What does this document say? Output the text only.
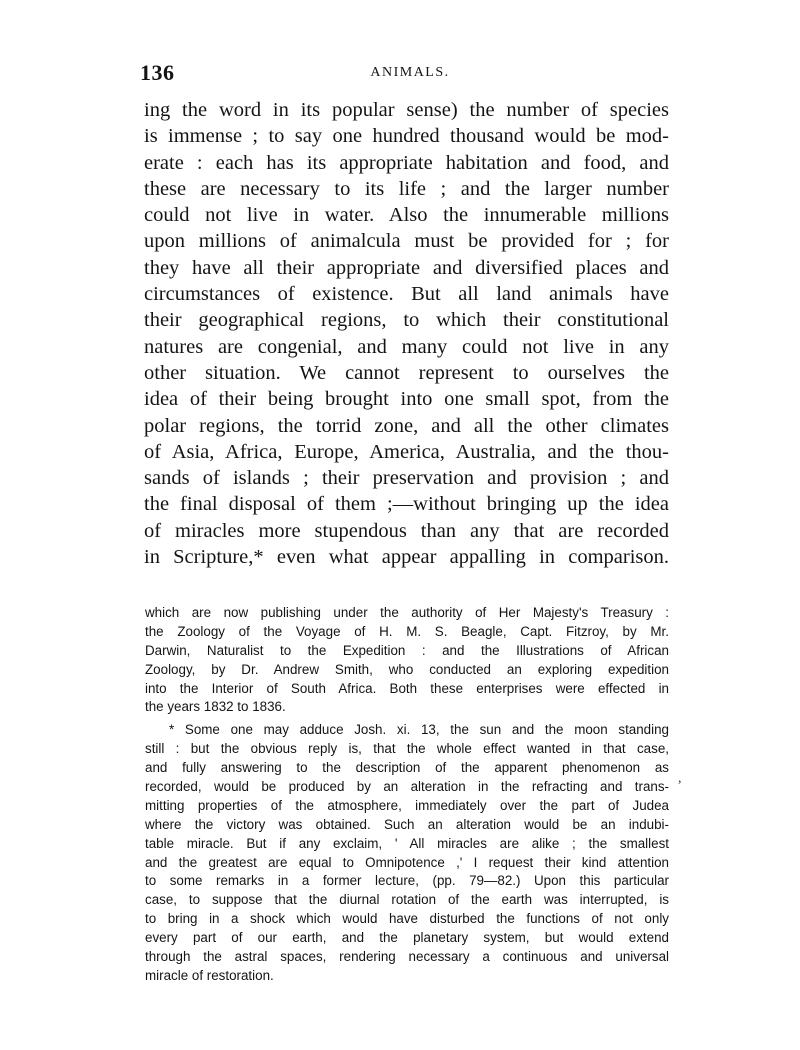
136	ANIMALS.
ing the word in its popular sense) the number of species
is immense ; to say one hundred thousand would be mod-
erate : each has its appropriate habitation and food, and
these are necessary to its life ; and the larger number
could not live in water. Also the innumerable millions
upon millions of animalcula must be provided for ; for
they have all their appropriate and diversified places and
circumstances of existence. But all land animals have
their geographical regions, to which their constitutional
natures are congenial, and many could not live in any
other situation. We cannot represent to ourselves the
idea of their being brought into one small spot, from the
polar regions, the torrid zone, and all the other climates
of Asia, Africa, Europe, America, Australia, and the thou-
sands of islands ; their preservation and provision ; and
the final disposal of them ;—without bringing up the idea
of miracles more stupendous than any that are recorded
in Scripture,* even what appear appalling in comparison.
which are now publishing under the authority of Her Majesty's Treasury :
the Zoology of the Voyage of H. M. S. Beagle, Capt. Fitzroy, by Mr.
Darwin, Naturalist to the Expedition : and the Illustrations of African
Zoology, by Dr. Andrew Smith, who conducted an exploring expedition
into the Interior of South Africa. Both these enterprises were effected in
the years 1832 to 1836.
* Some one may adduce Josh. xi. 13, the sun and the moon standing
still : but the obvious reply is, that the whole effect wanted in that case,
and fully answering to the description of the apparent phenomenon as
recorded, would be produced by an alteration in the refracting and trans-
mitting properties of the atmosphere, immediately over the part of Judea
where the victory was obtained. Such an alteration would be an indubi-
table miracle. But if any exclaim, ' All miracles are alike ; the smallest
and the greatest are equal to Omnipotence ,' I request their kind attention
to some remarks in a former lecture, (pp. 79—82.) Upon this particular
case, to suppose that the diurnal rotation of the earth was interrupted, is
to bring in a shock which would have disturbed the functions of not only
every part of our earth, and the planetary system, but would extend
through the astral spaces, rendering necessary a continuous and universal
miracle of restoration.
,
